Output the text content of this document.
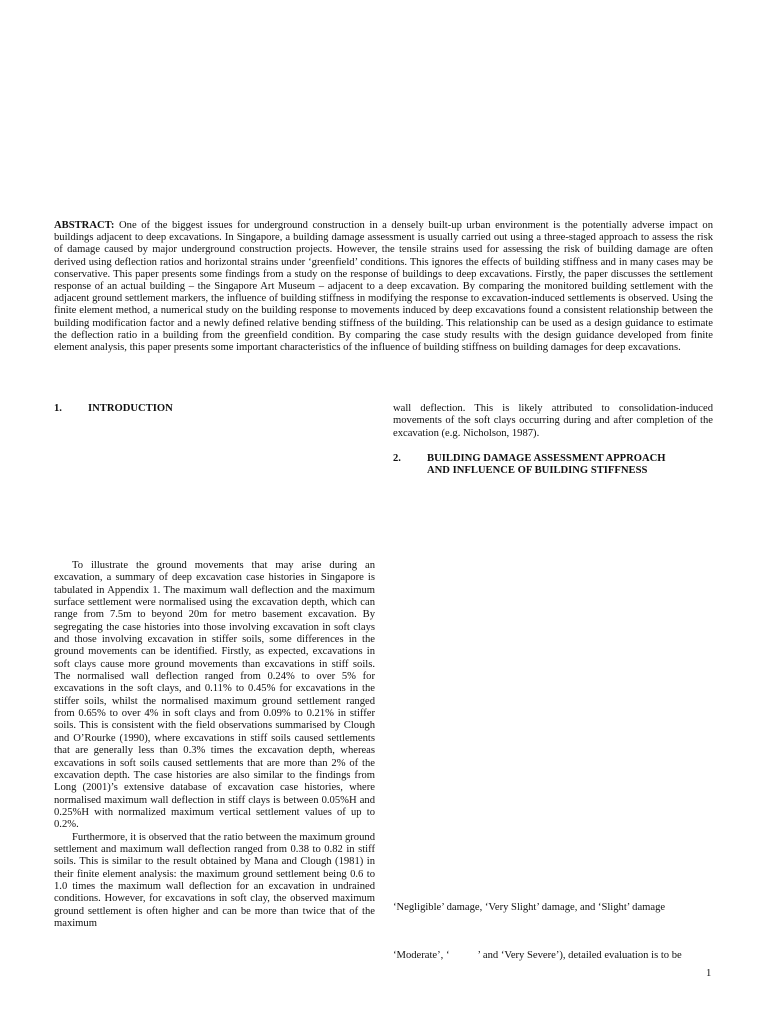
ABSTRACT: One of the biggest issues for underground construction in a densely built-up urban environment is the potentially adverse impact on buildings adjacent to deep excavations. In Singapore, a building damage assessment is usually carried out using a three-staged approach to assess the risk of damage caused by major underground construction projects. However, the tensile strains used for assessing the risk of building damage are often derived using deflection ratios and horizontal strains under ‘greenfield’ conditions. This ignores the effects of building stiffness and in many cases may be conservative. This paper presents some findings from a study on the response of buildings to deep excavations. Firstly, the paper discusses the settlement response of an actual building – the Singapore Art Museum – adjacent to a deep excavation. By comparing the monitored building settlement with the adjacent ground settlement markers, the influence of building stiffness in modifying the response to excavation-induced settlements is observed. Using the finite element method, a numerical study on the building response to movements induced by deep excavations found a consistent relationship between the building modification factor and a newly defined relative bending stiffness of the building. This relationship can be used as a design guidance to estimate the deflection ratio in a building from the greenfield condition. By comparing the case study results with the design guidance developed from finite element analysis, this paper presents some important characteristics of the influence of building stiffness on building damages for deep excavations.
1.	INTRODUCTION

To illustrate the ground movements that may arise during an excavation, a summary of deep excavation case histories in Singapore is tabulated in Appendix 1. The maximum wall deflection and the maximum surface settlement were normalised using the excavation depth, which can range from 7.5m to beyond 20m for metro basement excavation. By segregating the case histories into those involving excavation in soft clays and those involving excavation in stiffer soils, some differences in the ground movements can be identified. Firstly, as expected, excavations in soft clays cause more ground movements than excavations in stiff soils. The normalised wall deflection ranged from 0.24% to over 5% for excavations in the soft clays, and 0.11% to 0.45% for excavations in the stiffer soils, whilst the normalised maximum ground settlement ranged from 0.65% to over 4% in soft clays and from 0.09% to 0.21% in stiffer soils. This is consistent with the field observations summarised by Clough and O’Rourke (1990), where excavations in stiff soils caused settlements that are generally less than 0.3% times the excavation depth, whereas excavations in soft soils caused settlements that are more than 2% of the excavation depth. The case histories are also similar to the findings from Long (2001)’s extensive database of excavation case histories, where normalised maximum wall deflection in stiff clays is between 0.05%H and 0.25%H with normalized maximum vertical settlement values of up to 0.2%.

Furthermore, it is observed that the ratio between the maximum ground settlement and maximum wall deflection ranged from 0.38 to 0.82 in stiff soils. This is similar to the result obtained by Mana and Clough (1981) in their finite element analysis: the maximum ground settlement being 0.6 to 1.0 times the maximum wall deflection for an excavation in undrained conditions. However, for excavations in soft clay, the observed maximum ground settlement is often higher and can be more than twice that of the maximum

wall deflection. This is likely attributed to consolidation-induced movements of the soft clays occurring during and after completion of the excavation (e.g. Nicholson, 1987).
2.	BUILDING DAMAGE ASSESSMENT APPROACH
AND INFLUENCE OF BUILDING STIFFNESS
‘Negligible’ damage, ‘Very Slight’ damage, and ‘Slight’ damage
‘Moderate’, ‘	’ and ‘Very Severe’), detailed evaluation is to be
1
